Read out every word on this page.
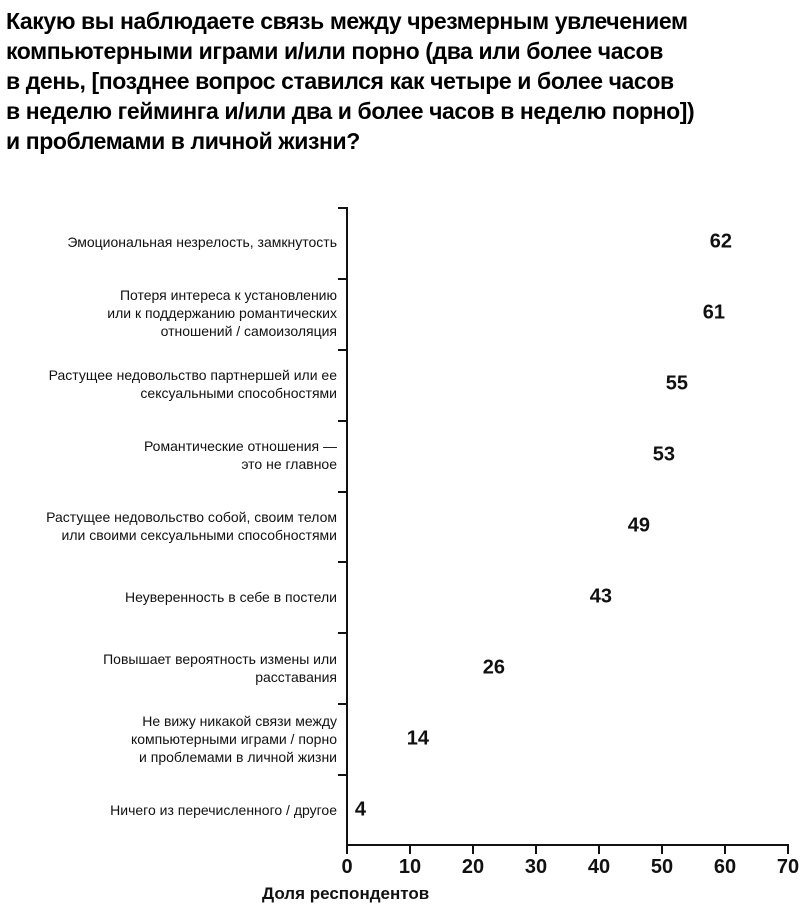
Какую вы наблюдаете связь между чрезмерным увлечением
компьютерными играми и/или порно (два или более часов
в день, [позднее вопрос ставился как четыре и более часов
в неделю гейминга и/или два и более часов в неделю порно])
и проблемами в личной жизни?
0 10 20 30 40 50 60 70
Эмоциональная незрелость, замкнутость
Потеря интереса к установлению
или к поддержанию романтических
отношений / самоизоляция
Растущее недовольство партнершей или ее
сексуальными способностями
Романтические отношения —
это не главное
Растущее недовольство собой, своим телом
или своими сексуальными способностями
Неуверенность в себе в постели
Повышает вероятность измены или
расставания
Не вижу никакой связи между
компьютерными играми / порно
и проблемами в личной жизни
Ничего из перечисленного / другое
62
61
55
53
49
43
26
14
4
Доля респондентов
